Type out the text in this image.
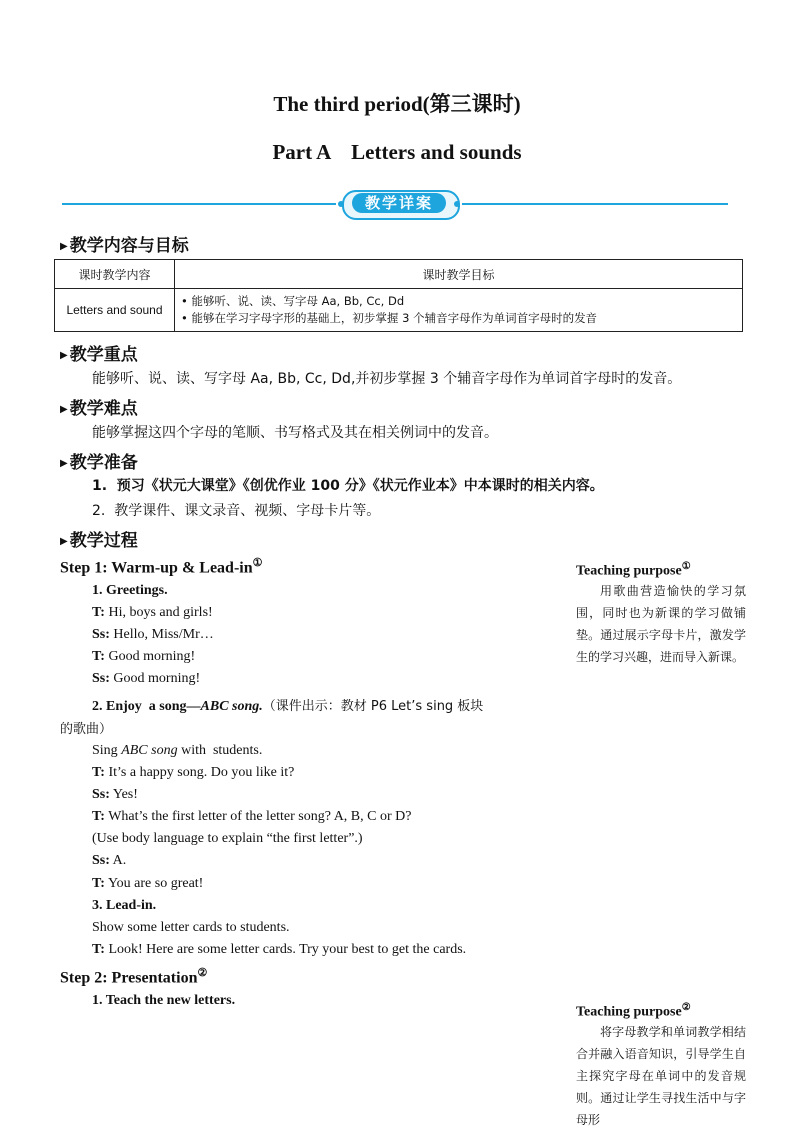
The third period(第三课时)
Part A    Letters and sounds
教学详案
▶ 教学内容与目标
课时教学内容	课时教学目标
Letters and sound	• 能够听、说、读、写字母 Aa, Bb, Cc, Dd
• 能够在学习字母字形的基础上，初步掌握 3 个辅音字母作为单词首字母时的发音
▶ 教学重点
能够听、说、读、写字母 Aa, Bb, Cc, Dd,并初步掌握 3 个辅音字母作为单词首字母时的发音。
▶ 教学难点
能够掌握这四个字母的笔顺、书写格式及其在相关例词中的发音。
▶ 教学准备
1.  预习《状元大课堂》《创优作业 100 分》《状元作业本》中本课时的相关内容。
2.  教学课件、课文录音、视频、字母卡片等。
▶ 教学过程
Step 1: Warm-up & Lead-in①
1. Greetings.
T: Hi, boys and girls!
Ss: Hello, Miss/Mr…
T: Good morning!
Ss: Good morning!
2. Enjoy  a song—ABC song.（课件出示：教材 P6 Let’s sing 板块
的歌曲）
Sing ABC song with  students.
T: It’s a happy song. Do you like it?
Ss: Yes!
T: What’s the first letter of the letter song? A, B, C or D?
(Use body language to explain “the first letter”.)
Ss: A.
T: You are so great!
3. Lead-in.
Show some letter cards to students.
T: Look! Here are some letter cards. Try your best to get the cards.
Step 2: Presentation②
1. Teach the new letters.
Teaching purpose①
用歌曲营造愉快的学习氛围，同时也为新课的学习做铺垫。通过展示字母卡片，激发学生的学习兴趣，进而导入新课。
Teaching purpose②
将字母教学和单词教学相结合并融入语音知识，引导学生自主探究字母在单词中的发音规则。通过让学生寻找生活中与字母形
